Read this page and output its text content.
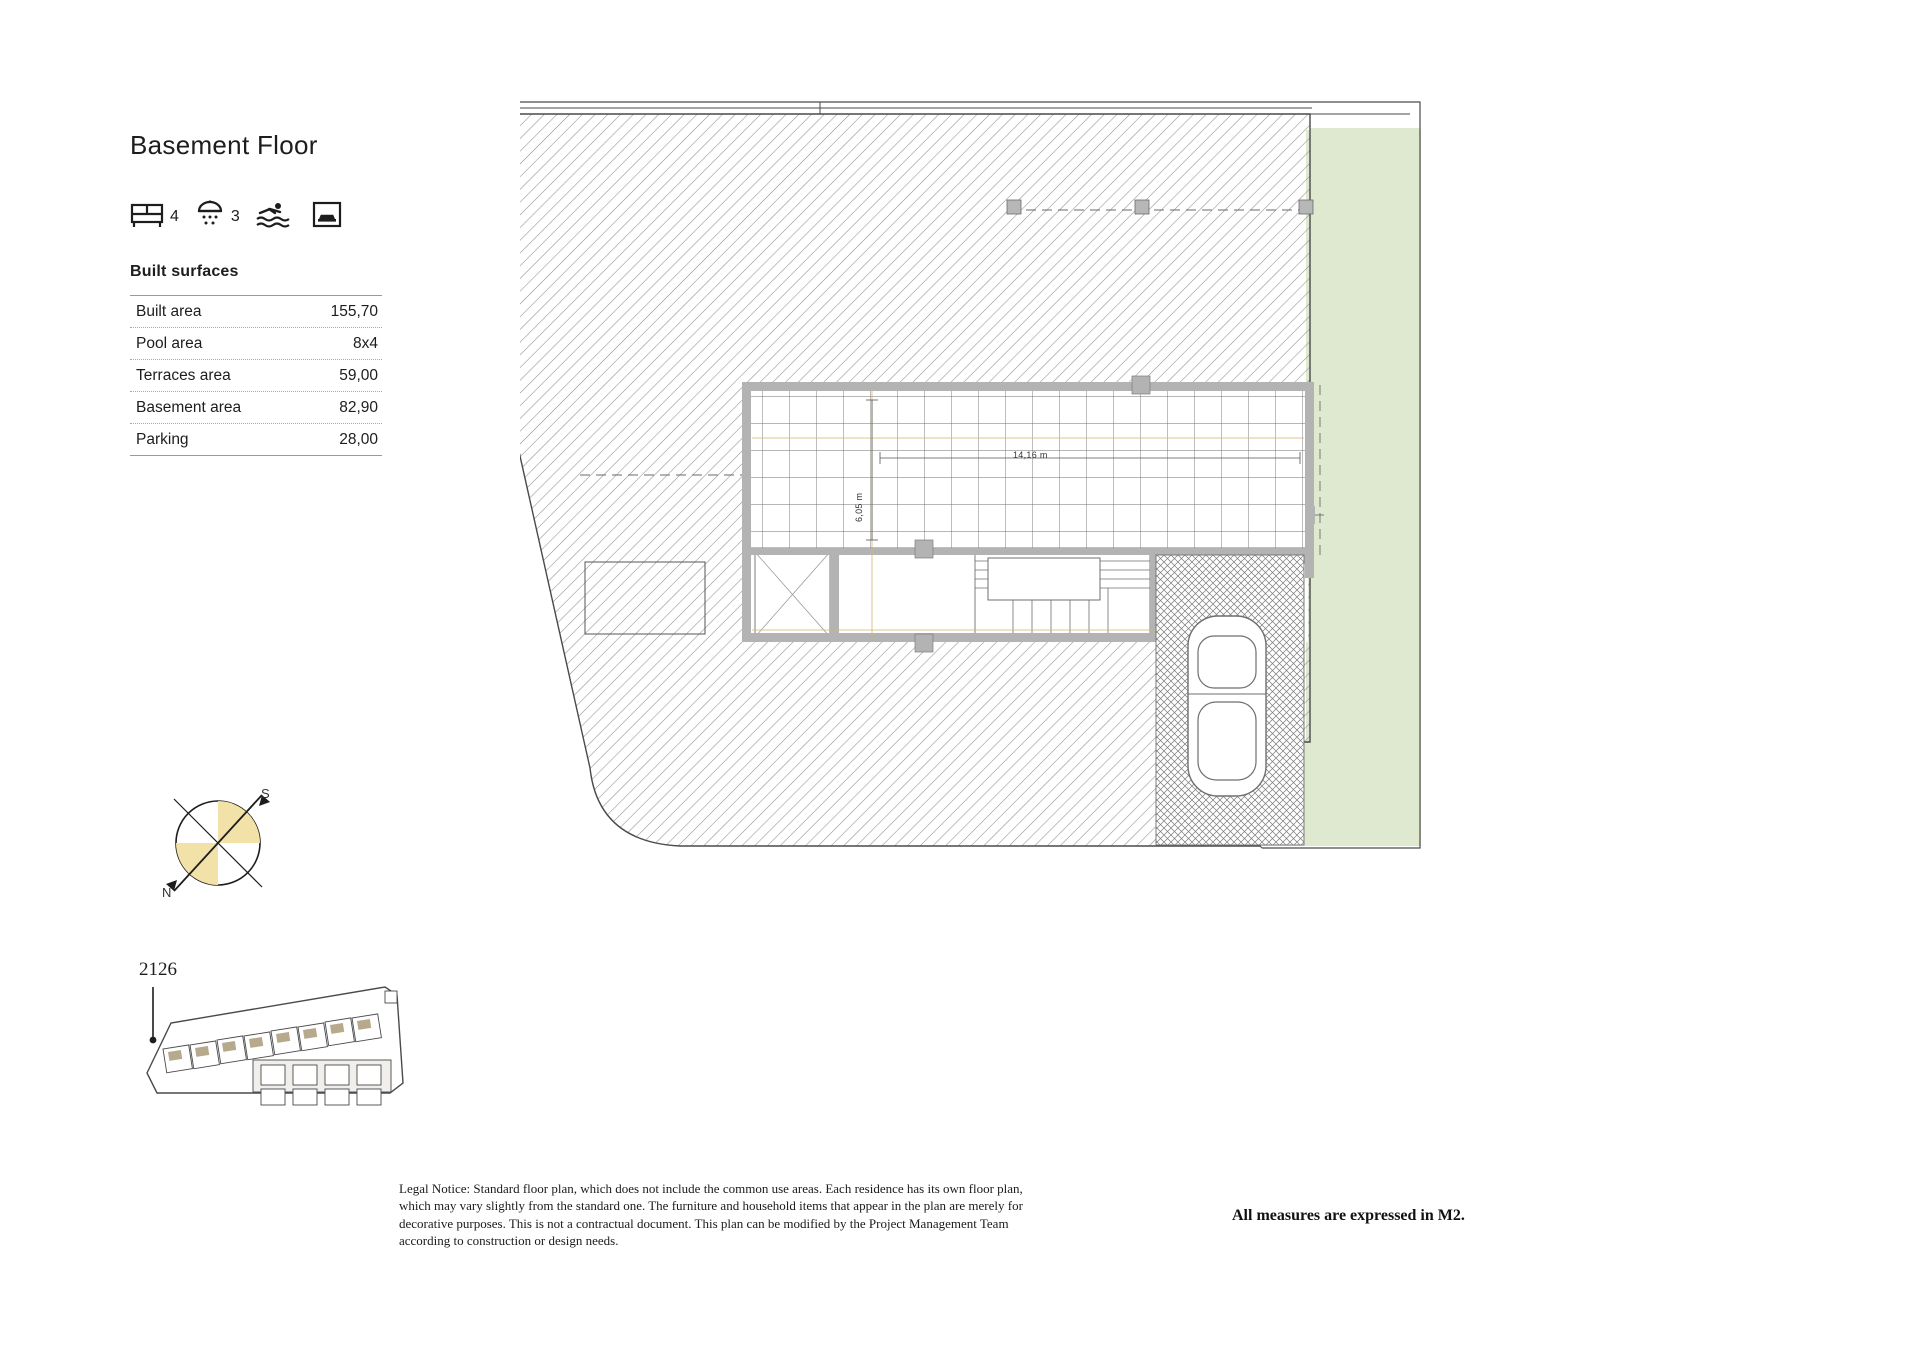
Basement Floor
4	3
Built surfaces
Built area	155,70
Pool area	8x4
Terraces area	59,00
Basement area	82,90
Parking	28,00
S
N
2126
14,16 m
6,05 m
Legal Notice: Standard floor plan, which does not include the common use areas. Each residence has its own floor plan, which may vary slightly from the standard one. The furniture and household items that appear in the plan are merely for decorative purposes. This is not a contractual document. This plan can be modified by the Project Management Team according to construction or design needs.
All measures are expressed in M2.
